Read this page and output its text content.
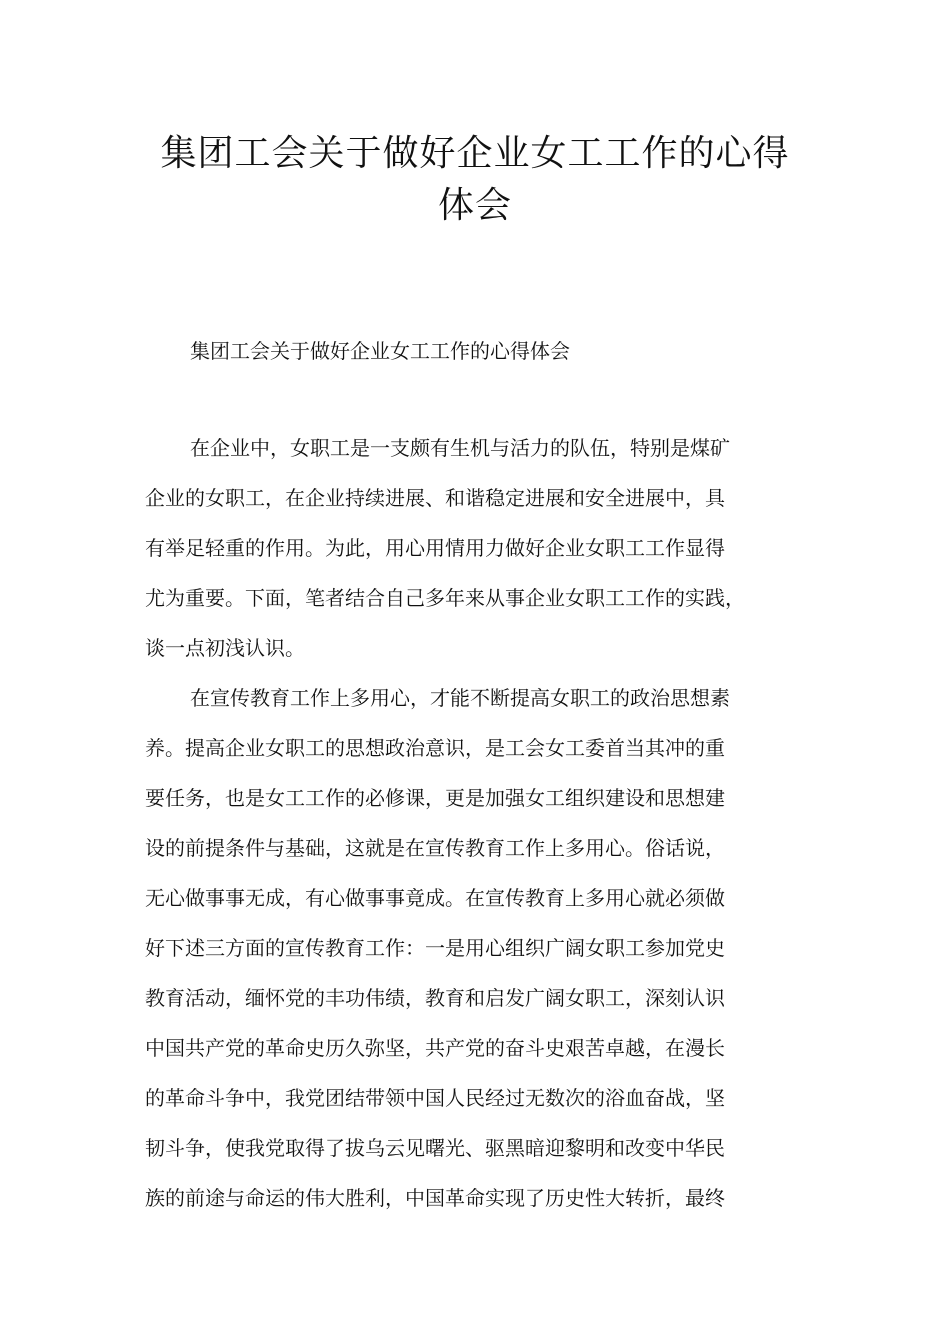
集团工会关于做好企业女工工作的心得
体会

集团工会关于做好企业女工工作的心得体会

在企业中，女职工是一支颇有生机与活力的队伍，特别是煤矿

企业的女职工，在企业持续进展、和谐稳定进展和安全进展中，具

有举足轻重的作用。为此，用心用情用力做好企业女职工工作显得

尤为重要。下面，笔者结合自己多年来从事企业女职工工作的实践，

谈一点初浅认识。

在宣传教育工作上多用心，才能不断提高女职工的政治思想素

养。提高企业女职工的思想政治意识，是工会女工委首当其冲的重

要任务，也是女工工作的必修课，更是加强女工组织建设和思想建

设的前提条件与基础，这就是在宣传教育工作上多用心。俗话说，

无心做事事无成，有心做事事竟成。在宣传教育上多用心就必须做

好下述三方面的宣传教育工作：一是用心组织广阔女职工参加党史

教育活动，缅怀党的丰功伟绩，教育和启发广阔女职工，深刻认识

中国共产党的革命史历久弥坚，共产党的奋斗史艰苦卓越，在漫长

的革命斗争中，我党团结带领中国人民经过无数次的浴血奋战，坚

韧斗争，使我党取得了拔乌云见曙光、驱黑暗迎黎明和改变中华民

族的前途与命运的伟大胜利，中国革命实现了历史性大转折，最终
